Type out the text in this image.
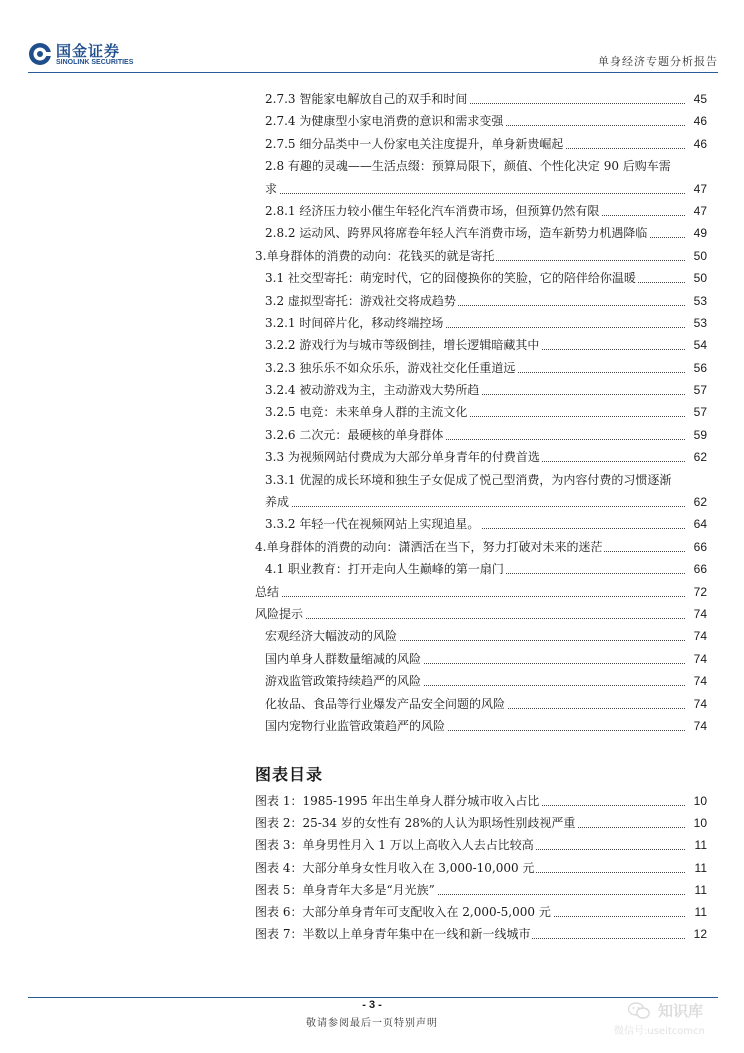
国金证券
SINOLINK SECURITIES	单身经济专题分析报告
2.7.3 智能家电解放自己的双手和时间	45
2.7.4 为健康型小家电消费的意识和需求变强	46
2.7.5 细分品类中一人份家电关注度提升，单身新贵崛起	46
2.8 有趣的灵魂——生活点缀：预算局限下，颜值、个性化决定 90 后购车需
求	47
2.8.1 经济压力较小催生年轻化汽车消费市场，但预算仍然有限	47
2.8.2 运动风、跨界风将席卷年轻人汽车消费市场，造车新势力机遇降临	49
3.单身群体的消费的动向：花钱买的就是寄托	50
3.1 社交型寄托：萌宠时代，它的囧傻换你的笑脸，它的陪伴给你温暖	50
3.2 虚拟型寄托：游戏社交将成趋势	53
3.2.1 时间碎片化，移动终端控场	53
3.2.2 游戏行为与城市等级倒挂，增长逻辑暗藏其中	54
3.2.3 独乐乐不如众乐乐，游戏社交化任重道远	56
3.2.4 被动游戏为主，主动游戏大势所趋	57
3.2.5 电竞：未来单身人群的主流文化	57
3.2.6 二次元：最硬核的单身群体	59
3.3 为视频网站付费成为大部分单身青年的付费首选	62
3.3.1 优渥的成长环境和独生子女促成了悦己型消费，为内容付费的习惯逐渐
养成	62
3.3.2 年轻一代在视频网站上实现追星。	64
4.单身群体的消费的动向：潇洒活在当下，努力打破对未来的迷茫	66
4.1 职业教育：打开走向人生巅峰的第一扇门	66
总结	72
风险提示	74
宏观经济大幅波动的风险	74
国内单身人群数量缩减的风险	74
游戏监管政策持续趋严的风险	74
化妆品、食品等行业爆发产品安全问题的风险	74
国内宠物行业监管政策趋严的风险	74
图表目录
图表 1：1985-1995 年出生单身人群分城市收入占比	10
图表 2：25-34 岁的女性有 28%的人认为职场性别歧视严重	10
图表 3：单身男性月入 1 万以上高收入人去占比较高	11
图表 4：大部分单身女性月收入在 3,000-10,000 元	11
图表 5：单身青年大多是“月光族”	11
图表 6：大部分单身青年可支配收入在 2,000-5,000 元	11
图表 7：半数以上单身青年集中在一线和新一线城市	12
- 3 -
敬请参阅最后一页特别声明
知识库
微信号:useitcomcn
